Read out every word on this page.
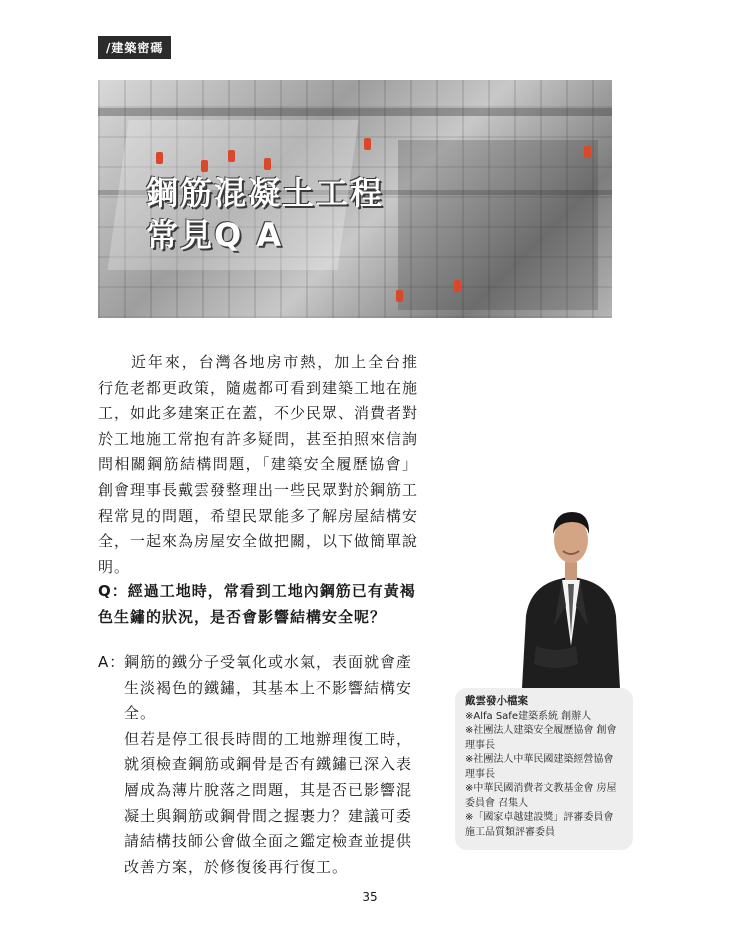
/建築密碼
鋼筋混凝土工程
常見Q A

近年來，台灣各地房市熱，加上全台推行危老都更政策，隨處都可看到建築工地在施工，如此多建案正在蓋，不少民眾、消費者對於工地施工常抱有許多疑問，甚至拍照來信詢問相關鋼筋結構問題，「建築安全履歷協會」創會理事長戴雲發整理出一些民眾對於鋼筋工程常見的問題，希望民眾能多了解房屋結構安全，一起來為房屋安全做把關，以下做簡單說明。

Q：經過工地時，常看到工地內鋼筋已有黃褐色生鏽的狀況，是否會影響結構安全呢？

A：

鋼筋的鐵分子受氧化或水氣，表面就會產生淡褐色的鐵鏽，其基本上不影響結構安全。

但若是停工很長時間的工地辦理復工時，就須檢查鋼筋或鋼骨是否有鐵鏽已深入表層成為薄片脫落之問題，其是否已影響混凝土與鋼筋或鋼骨間之握裹力？建議可委請結構技師公會做全面之鑑定檢查並提供改善方案，於修復後再行復工。

戴雲發小檔案

※Alfa Safe建築系統 創辦人

※社團法人建築安全履歷協會 創會理事長

※社團法人中華民國建築經營協會 理事長

※中華民國消費者文教基金會 房屋委員會 召集人

※「國家卓越建設獎」評審委員會　施工品質類評審委員

35
